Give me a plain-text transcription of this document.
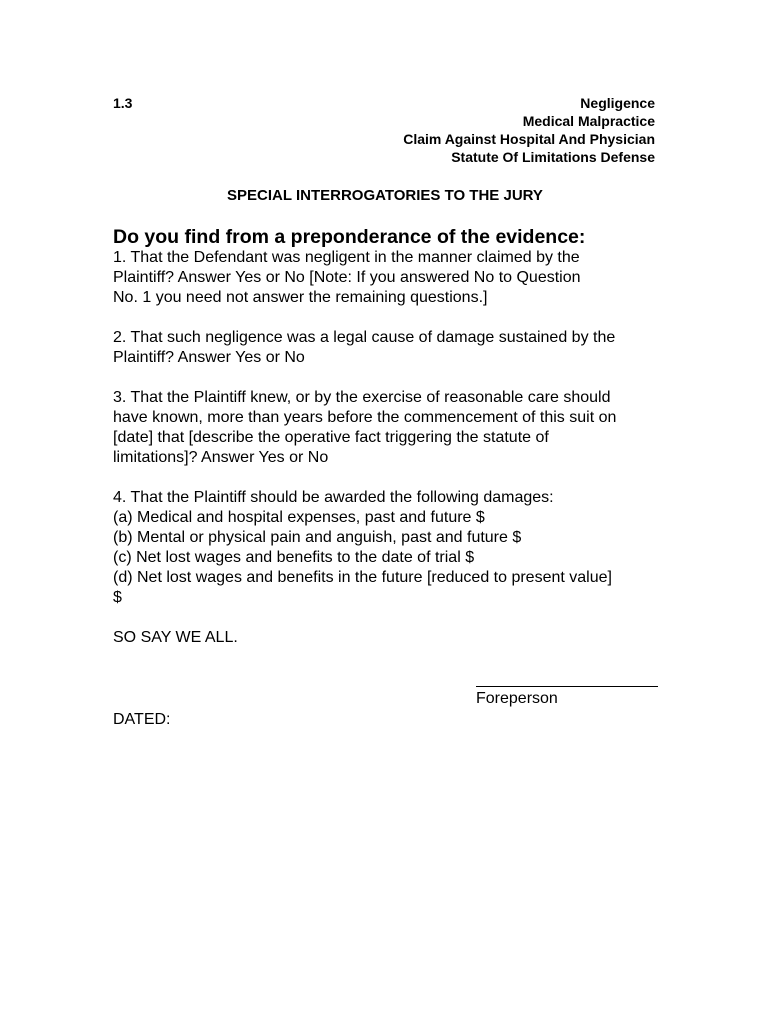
1.3	Negligence
Medical Malpractice
Claim Against Hospital And Physician
Statute Of Limitations Defense
SPECIAL INTERROGATORIES TO THE JURY
Do you find from a preponderance of the evidence:
1. That the Defendant was negligent in the manner claimed by the
Plaintiff? Answer Yes or No [Note: If you answered No to Question
No. 1 you need not answer the remaining questions.]
2. That such negligence was a legal cause of damage sustained by the
Plaintiff? Answer Yes or No
3. That the Plaintiff knew, or by the exercise of reasonable care should
have known, more than years before the commencement of this suit on
[date] that [describe the operative fact triggering the statute of
limitations]? Answer Yes or No
4. That the Plaintiff should be awarded the following damages:
(a) Medical and hospital expenses, past and future $
(b) Mental or physical pain and anguish, past and future $
(c) Net lost wages and benefits to the date of trial $
(d) Net lost wages and benefits in the future [reduced to present value]
$
SO SAY WE ALL.
Foreperson
DATED:
